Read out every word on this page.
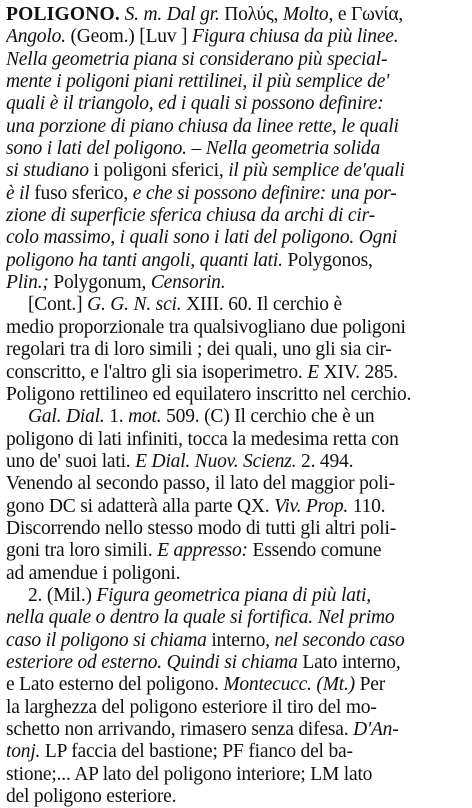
POLIGONO. S. m. Dal gr. Πολύς, Molto, e Γωνία,
Angolo. (Geom.) [Luv ] Figura chiusa da più linee.
Nella geometria piana si considerano più special-
mente i poligoni piani rettilinei, il più semplice de'
quali è il triangolo, ed i quali si possono definire:
una porzione di piano chiusa da linee rette, le quali
sono i lati del poligono. – Nella geometria solida
si studiano i poligoni sferici, il più semplice de'quali
è il fuso sferico, e che si possono definire: una por-
zione di superficie sferica chiusa da archi di cir-
colo massimo, i quali sono i lati del poligono. Ogni
poligono ha tanti angoli, quanti lati. Polygonos,
Plin.; Polygonum, Censorin.
[Cont.] G. G. N. sci. XIII. 60. Il cerchio è
medio proporzionale tra qualsivogliano due poligoni
regolari tra di loro simili ; dei quali, uno gli sia cir-
conscritto, e l'altro gli sia isoperimetro. E XIV. 285.
Poligono rettilineo ed equilatero inscritto nel cerchio.
Gal. Dial. 1. mot. 509. (C) Il cerchio che è un
poligono di lati infiniti, tocca la medesima retta con
uno de' suoi lati. E Dial. Nuov. Scienz. 2. 494.
Venendo al secondo passo, il lato del maggior poli-
gono DC si adatterà alla parte QX. Viv. Prop. 110.
Discorrendo nello stesso modo di tutti gli altri poli-
goni tra loro simili. E appresso: Essendo comune
ad amendue i poligoni.
2. (Mil.) Figura geometrica piana di più lati,
nella quale o dentro la quale si fortifica. Nel primo
caso il poligono si chiama interno, nel secondo caso
esteriore od esterno. Quindi si chiama Lato interno,
e Lato esterno del poligono. Montecucc. (Mt.) Per
la larghezza del poligono esteriore il tiro del mo-
schetto non arrivando, rimasero senza difesa. D'An-
tonj. LP faccia del bastione; PF fianco del ba-
stione;... AP lato del poligono interiore; LM lato
del poligono esteriore.
